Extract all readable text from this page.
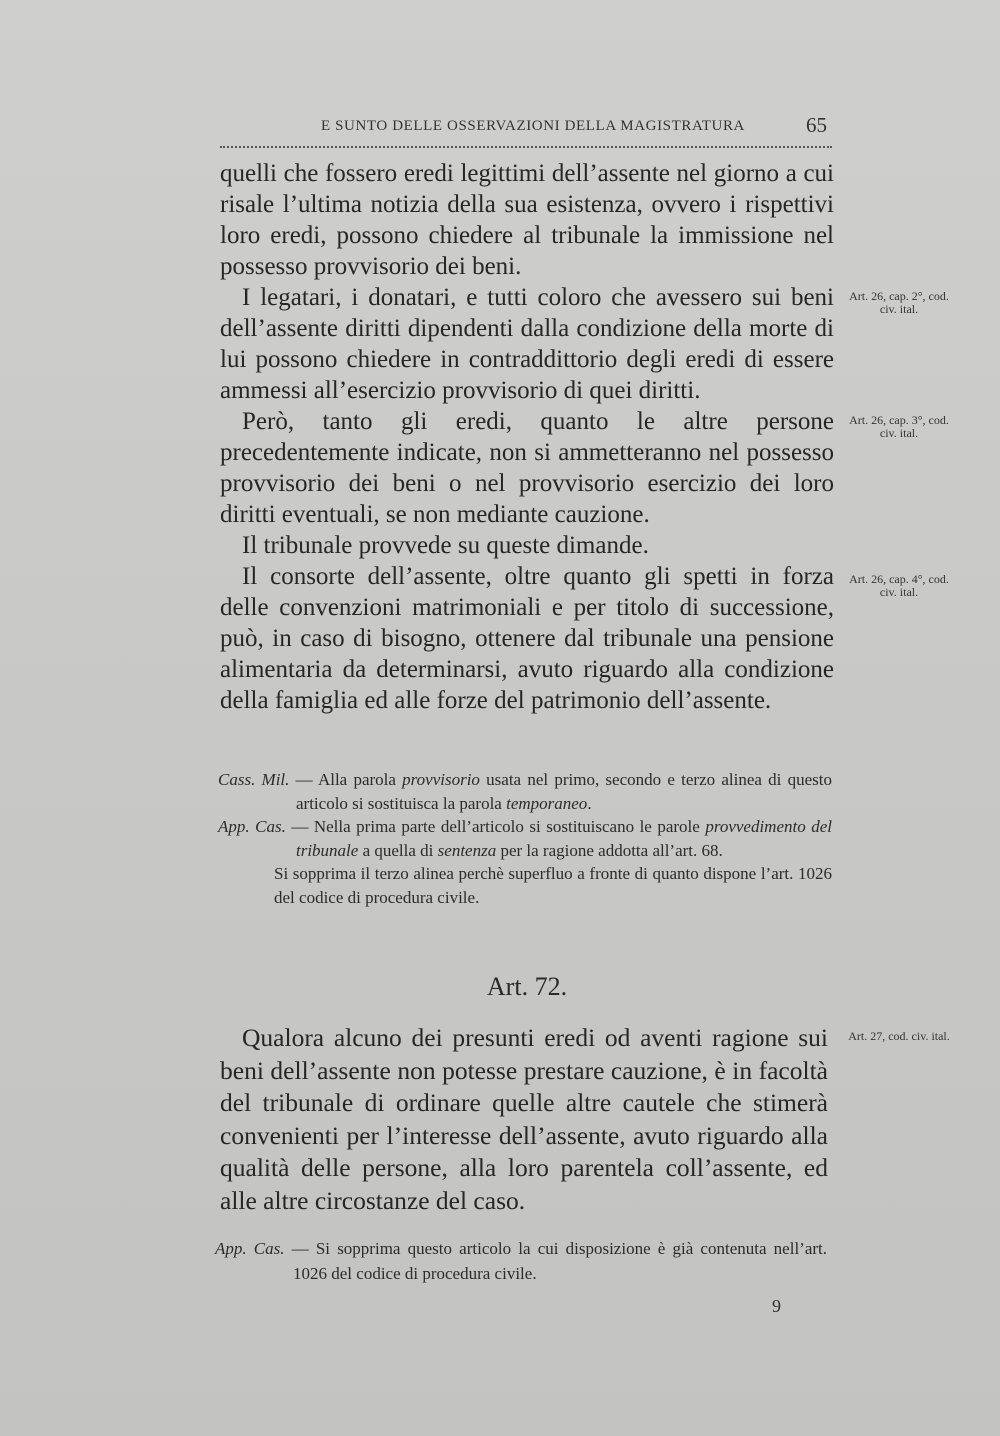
E SUNTO DELLE OSSERVAZIONI DELLA MAGISTRATURA	65

quelli che fossero eredi legittimi dell’assente nel giorno a cui risale l’ultima notizia della sua esistenza, ovvero i rispettivi loro eredi, possono chiedere al tribunale la immissione nel possesso provvisorio dei beni.

I legatari, i donatari, e tutti coloro che avessero sui beni dell’assente diritti dipendenti dalla condizione della morte di lui possono chiedere in contraddittorio degli eredi di essere ammessi all’esercizio provvisorio di quei diritti.

Però, tanto gli eredi, quanto le altre persone precedentemente indicate, non si ammetteranno nel possesso provvisorio dei beni o nel provvisorio esercizio dei loro diritti eventuali, se non mediante cauzione.

Il tribunale provvede su queste dimande.

Il consorte dell’assente, oltre quanto gli spetti in forza delle convenzioni matrimoniali e per titolo di successione, può, in caso di bisogno, ottenere dal tribunale una pensione alimentaria da determinarsi, avuto riguardo alla condizione della famiglia ed alle forze del patrimonio dell’assente.

Art. 26, cap. 2°, cod. civ. ital.
Art. 26, cap. 3°, cod. civ. ital.
Art. 26, cap. 4°, cod. civ. ital.
Art. 27, cod. civ. ital.

Cass. Mil. — Alla parola provvisorio usata nel primo, secondo e terzo alinea di questo articolo si sostituisca la parola temporaneo.

App. Cas. — Nella prima parte dell’articolo si sostituiscano le parole provvedimento del tribunale a quella di sentenza per la ragione addotta all’art. 68.

Si sopprima il terzo alinea perchè superfluo a fronte di quanto dispone l’art. 1026 del codice di procedura civile.

Art. 72.

Qualora alcuno dei presunti eredi od aventi ragione sui beni dell’assente non potesse prestare cauzione, è in facoltà del tribunale di ordinare quelle altre cautele che stimerà convenienti per l’interesse dell’assente, avuto riguardo alla qualità delle persone, alla loro parentela coll’assente, ed alle altre circostanze del caso.

App. Cas. — Si sopprima questo articolo la cui disposizione è già contenuta nell’art. 1026 del codice di procedura civile.

9
